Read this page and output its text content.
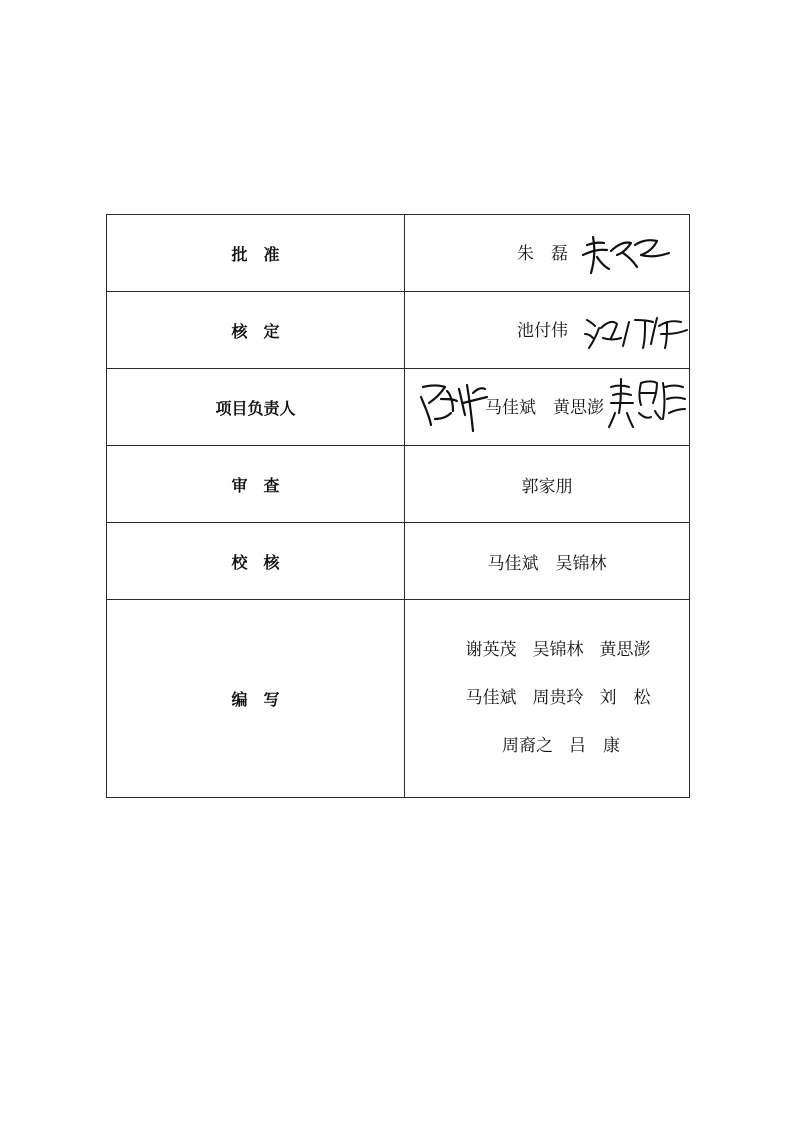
批　准	朱　磊

核　定	池付伟

项目负责人	马佳斌 黄思澎

审　查	郭家朋

校　核	马佳斌　吴锦林

编　写	谢英茂 吴锦林 黄思澎
马佳斌 周贵玲 刘　松
周裔之 吕　康
